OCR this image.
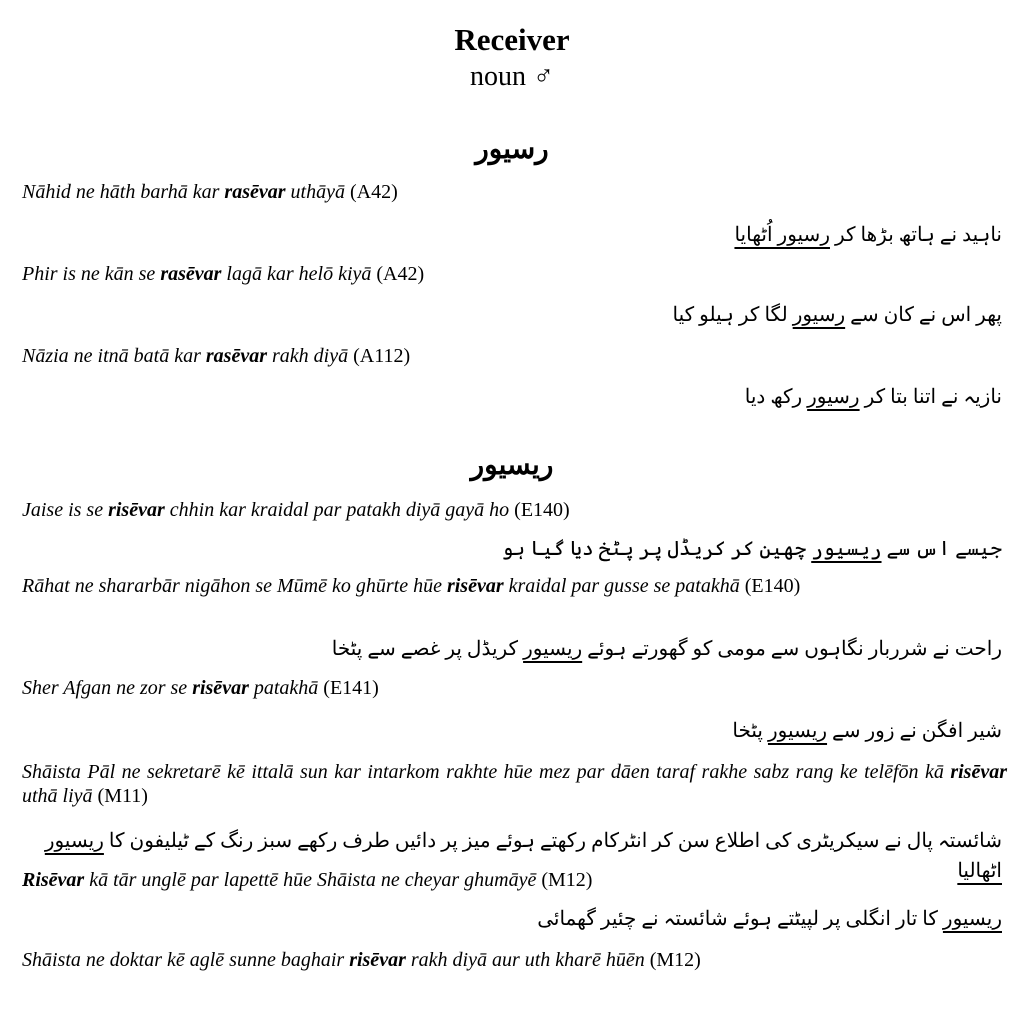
Receiver
noun ♂
رسیور
Nāhid ne hāth barhā kar rasēvar uthāyā (A42)
ناہید نے ہاتھ بڑھا کر رسیور اُٹھایا
Phir is ne kān se rasēvar lagā kar helō kiyā (A42)
پھر اس نے کان سے رسیور لگا کر ہیلو کیا
Nāzia ne itnā batā kar rasēvar rakh diyā (A112)
نازیہ نے اتنا بتا کر رسیور رکھ دیا
ریسیور
Jaise is se risēvar chhin kar kraidal par patakh diyā gayā ho (E140)
جیسے اس سے ریسیور چھین کر کریڈل پر پٹخ دیا گیا ہو
Rāhat ne shararbār nigāhon se Mūmē ko ghūrte hūe risēvar kraidal par gusse se patakhā (E140)
راحت نے شرربار نگاہوں سے مومی کو گھورتے ہوئے ریسیور کریڈل پر غصے سے پٹخا
Sher Afgan ne zor se risēvar patakhā (E141)
شیر افگن نے زور سے ریسیور پٹخا
Shāista Pāl ne sekretarē kē ittalā sun kar intarkom rakhte hūe mez par dāen taraf rakhe sabz rang ke telēfōn kā risēvar uthā liyā (M11)
شائستہ پال نے سیکریٹری کی اطلاع سن کر انٹرکام رکھتے ہوئے میز پر دائیں طرف رکھے سبز رنگ کے ٹیلیفون کا ریسیور اٹھالیا
Risēvar kā tār unglē par lapettē hūe Shāista ne cheyar ghumāyē (M12)
ریسیور کا تار انگلی پر لپیٹتے ہوئے شائستہ نے چئیر گھمائی
Shāista ne doktar kē aglē sunne baghair risēvar rakh diyā aur uth kharē hūēn (M12)
